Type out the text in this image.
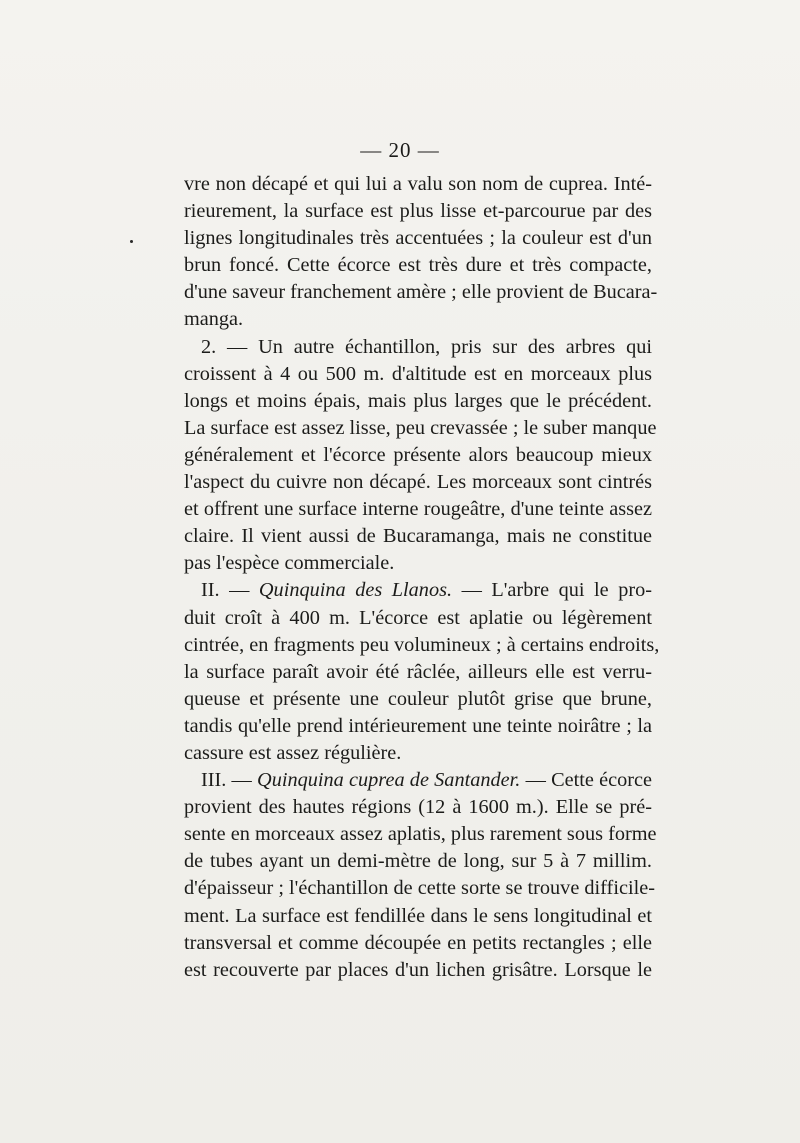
— 20 —
vre non décapé et qui lui a valu son nom de cuprea. Inté-
rieurement, la surface est plus lisse et-parcourue par des
lignes longitudinales très accentuées ; la couleur est d'un
brun foncé. Cette écorce est très dure et très compacte,
d'une saveur franchement amère ; elle provient de Bucara-
manga.
2. — Un autre échantillon, pris sur des arbres qui
croissent à 4 ou 500 m. d'altitude est en morceaux plus
longs et moins épais, mais plus larges que le précédent.
La surface est assez lisse, peu crevassée ; le suber manque
généralement et l'écorce présente alors beaucoup mieux
l'aspect du cuivre non décapé. Les morceaux sont cintrés
et offrent une surface interne rougeâtre, d'une teinte assez
claire. Il vient aussi de Bucaramanga, mais ne constitue
pas l'espèce commerciale.
II. — Quinquina des Llanos. — L'arbre qui le pro-
duit croît à 400 m. L'écorce est aplatie ou légèrement
cintrée, en fragments peu volumineux ; à certains endroits,
la surface paraît avoir été râclée, ailleurs elle est verru-
queuse et présente une couleur plutôt grise que brune,
tandis qu'elle prend intérieurement une teinte noirâtre ; la
cassure est assez régulière.
III. — Quinquina cuprea de Santander. — Cette écorce
provient des hautes régions (12 à 1600 m.). Elle se pré-
sente en morceaux assez aplatis, plus rarement sous forme
de tubes ayant un demi-mètre de long, sur 5 à 7 millim.
d'épaisseur ; l'échantillon de cette sorte se trouve difficile-
ment. La surface est fendillée dans le sens longitudinal et
transversal et comme découpée en petits rectangles ; elle
est recouverte par places d'un lichen grisâtre. Lorsque le
